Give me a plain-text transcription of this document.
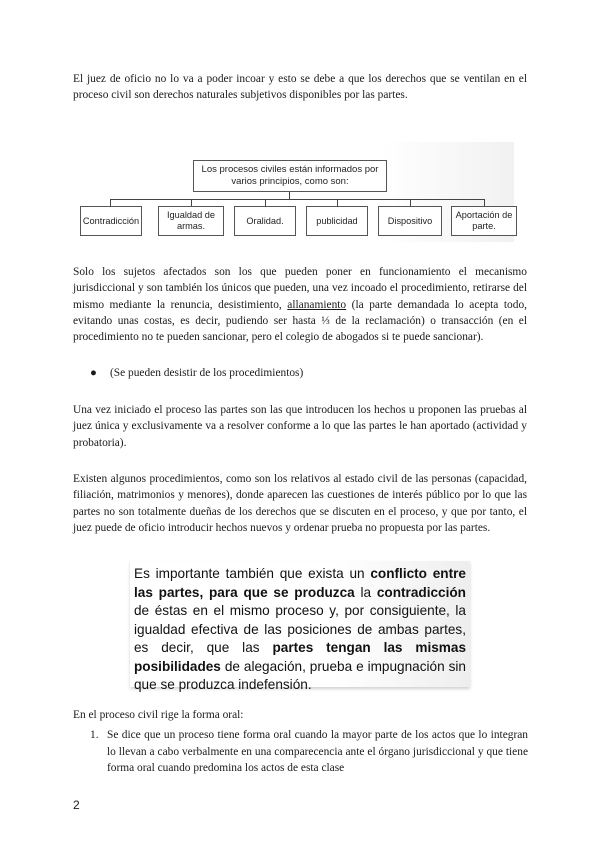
El juez de oficio no lo va a poder incoar y esto se debe a que los derechos que se ventilan en el proceso civil son derechos naturales subjetivos disponibles por las partes.

Los procesos civiles están informados por varios principios, como son:
Contradicción
Igualdad de armas.
Oralidad.	publicidad	Dispositivo
Aportación de parte.

Solo los sujetos afectados son los que pueden poner en funcionamiento el mecanismo jurisdiccional y son también los únicos que pueden, una vez incoado el procedimiento, retirarse del mismo mediante la renuncia, desistimiento, allanamiento (la parte demandada lo acepta todo, evitando unas costas, es decir, pudiendo ser hasta ⅓ de la reclamación) o transacción (en el procedimiento no te pueden sancionar, pero el colegio de abogados si te puede sancionar).

●	(Se pueden desistir de los procedimientos)

Una vez iniciado el proceso las partes son las que introducen los hechos u proponen las pruebas al juez única y exclusivamente va a resolver conforme a lo que las partes le han aportado (actividad y probatoria).

Existen algunos procedimientos, como son los relativos al estado civil de las personas (capacidad, filiación, matrimonios y menores), donde aparecen las cuestiones de interés público por lo que las partes no son totalmente dueñas de los derechos que se discuten en el proceso, y que por tanto, el juez puede de oficio introducir hechos nuevos y ordenar prueba no propuesta por las partes.

Es importante también que exista un conflicto entre las partes, para que se produzca la contradicción de éstas en el mismo proceso y, por consiguiente, la igualdad efectiva de las posiciones de ambas partes, es decir, que las partes tengan las mismas posibilidades de alegación, prueba e impugnación sin que se produzca indefensión.

En el proceso civil rige la forma oral:

1. Se dice que un proceso tiene forma oral cuando la mayor parte de los actos que lo integran lo llevan a cabo verbalmente en una comparecencia ante el órgano jurisdiccional y que tiene forma oral cuando predomina los actos de esta clase

2
